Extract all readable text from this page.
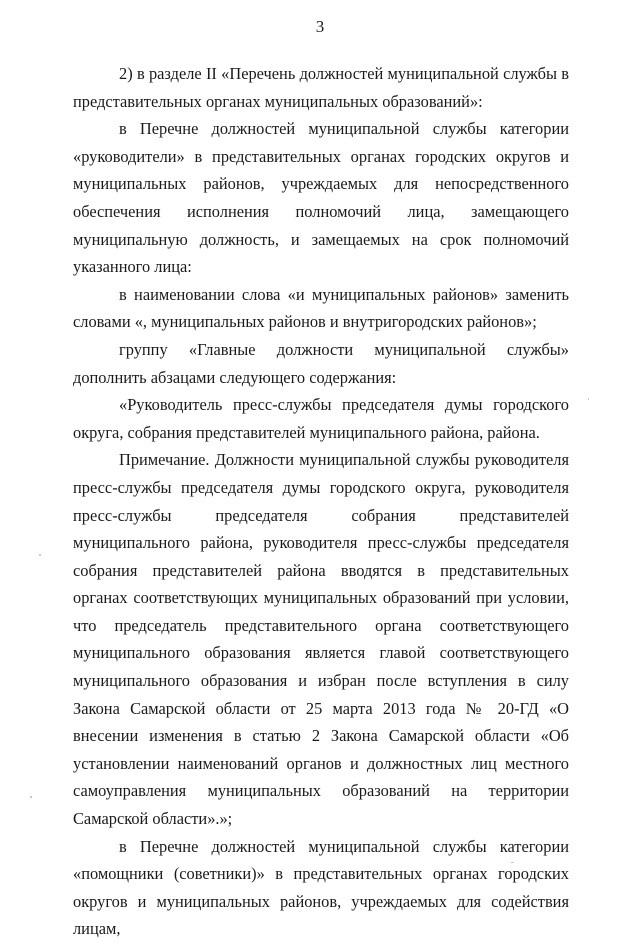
3

2) в разделе II «Перечень должностей муниципальной службы в представительных органах муниципальных образований»:

в Перечне должностей муниципальной службы категории «руководители» в представительных органах городских округов и муниципальных районов, учреждаемых для непосредственного обеспечения исполнения полномочий лица, замещающего муниципальную должность, и замещаемых на срок полномочий указанного лица:

в наименовании слова «и муниципальных районов» заменить словами «, муниципальных районов и внутригородских районов»;

группу «Главные должности муниципальной службы» дополнить абзацами следующего содержания:

«Руководитель пресс-службы председателя думы городского округа, собрания представителей муниципального района, района.

Примечание. Должности муниципальной службы руководителя пресс-службы председателя думы городского округа, руководителя пресс-службы председателя собрания представителей муниципального района, руководителя пресс-службы председателя собрания представителей района вводятся в представительных органах соответствующих муниципальных образований при условии, что председатель представительного органа соответствующего муниципального образования является главой соответствующего муниципального образования и избран после вступления в силу Закона Самарской области от 25 марта 2013 года № 20-ГД «О внесении изменения в статью 2 Закона Самарской области «Об установлении наименований органов и должностных лиц местного самоуправления муниципальных образований на территории Самарской области».»;

в Перечне должностей муниципальной службы категории «помощники (советники)» в представительных органах городских округов и муниципальных районов, учреждаемых для содействия лицам,
